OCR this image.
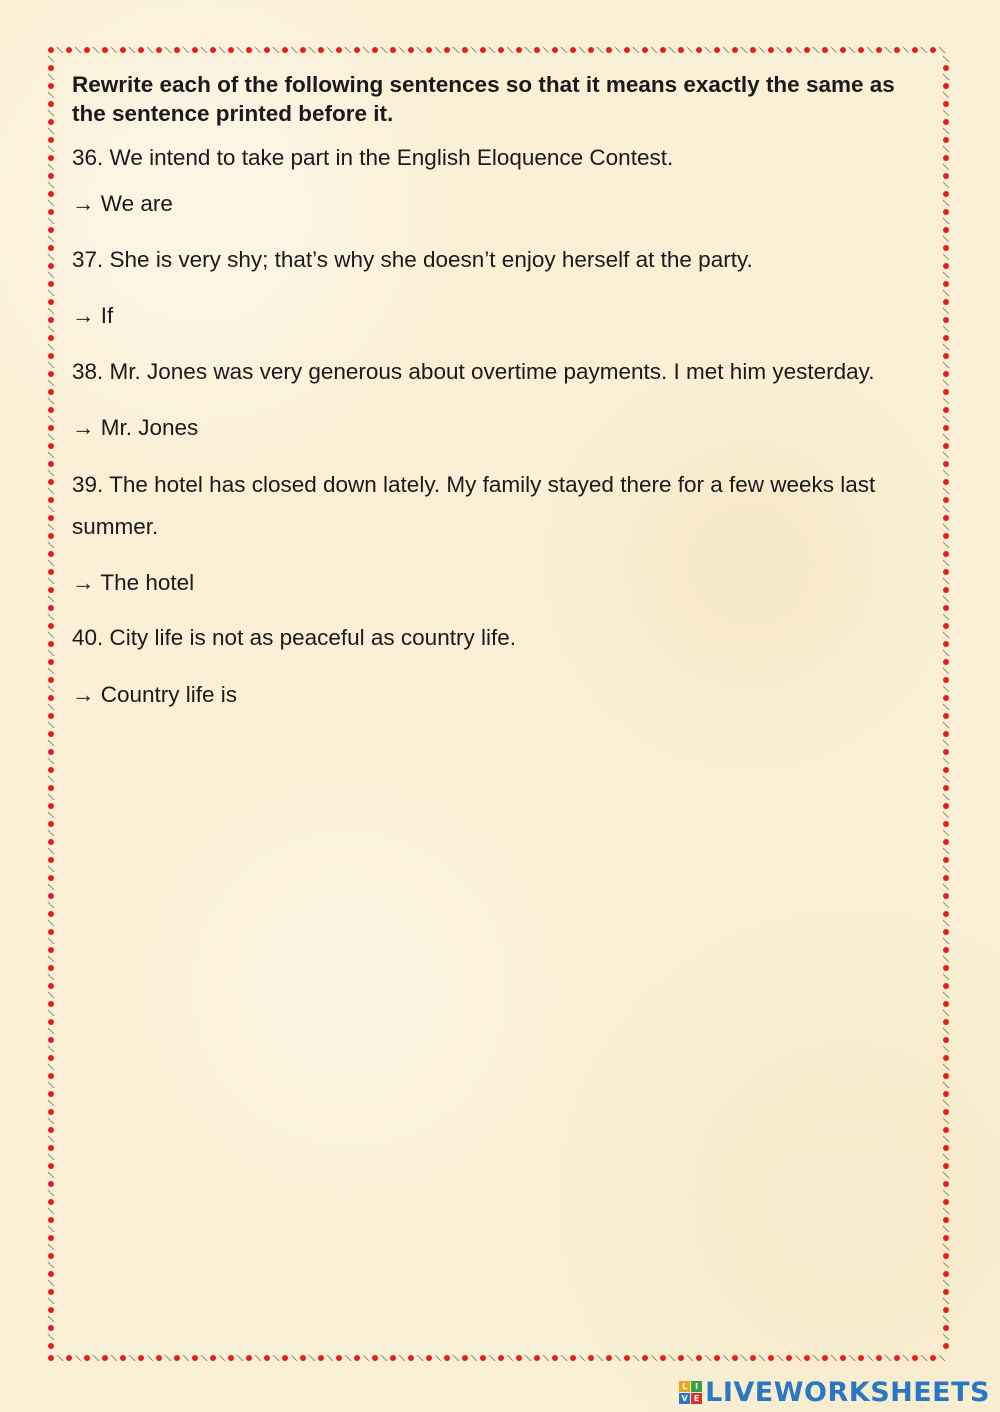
Rewrite each of the following sentences so that it means exactly the same as the sentence printed before it.

36. We intend to take part in the English Eloquence Contest.

→ We are

37. She is very shy; that’s why she doesn’t enjoy herself at the party.

→ If

38. Mr. Jones was very generous about overtime payments. I met him yesterday.

→ Mr. Jones

39. The hotel has closed down lately. My family stayed there for a few weeks last summer.

→ The hotel

40. City life is not as peaceful as country life.

→ Country life is

L I
V E LIVEWORKSHEETS
